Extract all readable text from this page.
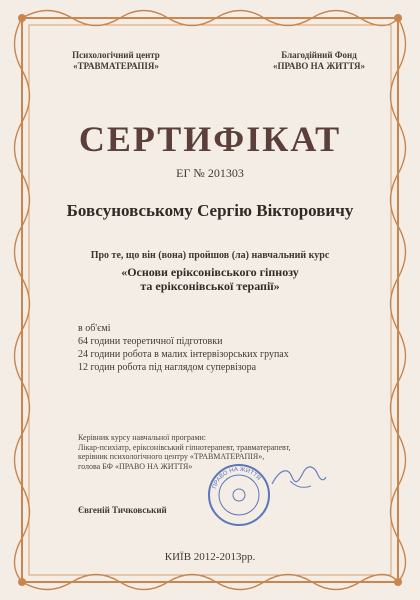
Психологічний центр
«ТРАВМАТЕРАПІЯ»
Благодійний Фонд
«ПРАВО НА ЖИТТЯ»
СЕРТИФІКАТ
ЕГ № 201303
Бовсуновському Сергію Вікторовичу
Про те, що він (вона) пройшов (ла) навчальний курс
«Основи еріксонівського гіпнозу
та еріксонівської терапії»
в об'ємі
64 години теоретичної підготовки
24 години робота в малих інтервізорських групах
12 годин робота під наглядом супервізора
Керівник курсу навчальної програми:
Лікар-психіатр, еріксонівський гіпнотерапевт, травматерапевт,
керівник психологічного центру «ТРАВМАТЕРАПІЯ»,
голова БФ «ПРАВО НА ЖИТТЯ»
Євгеній Тичковський
ПРАВО НА ЖИТТЯ
КИЇВ 2012-2013рр.
